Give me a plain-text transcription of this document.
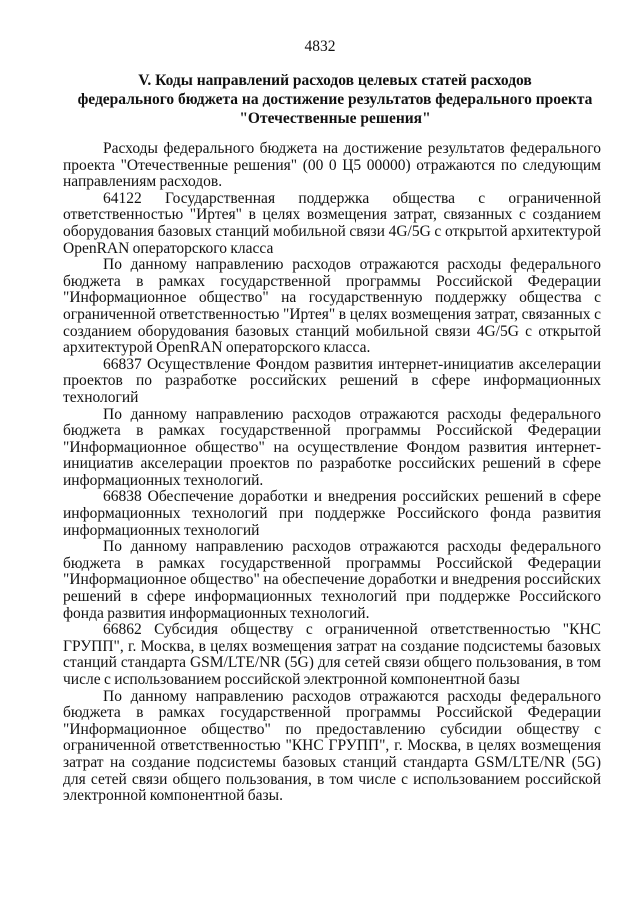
4832
V. Коды направлений расходов целевых статей расходов
федерального бюджета на достижение результатов федерального проекта
"Отечественные решения"

Расходы федерального бюджета на достижение результатов федерального проекта "Отечественные решения" (00 0 Ц5 00000) отражаются по следующим направлениям расходов.

64122 Государственная поддержка общества с ограниченной ответственностью "Иртея" в целях возмещения затрат, связанных с созданием оборудования базовых станций мобильной связи 4G/5G с открытой архитектурой OpenRAN операторского класса

По данному направлению расходов отражаются расходы федерального бюджета в рамках государственной программы Российской Федерации "Информационное общество" на государственную поддержку общества с ограниченной ответственностью "Иртея" в целях возмещения затрат, связанных с созданием оборудования базовых станций мобильной связи 4G/5G с открытой архитектурой OpenRAN операторского класса.

66837 Осуществление Фондом развития интернет-инициатив акселерации проектов по разработке российских решений в сфере информационных технологий

По данному направлению расходов отражаются расходы федерального бюджета в рамках государственной программы Российской Федерации "Информационное общество" на осуществление Фондом развития интернет-инициатив акселерации проектов по разработке российских решений в сфере информационных технологий.

66838 Обеспечение доработки и внедрения российских решений в сфере информационных технологий при поддержке Российского фонда развития информационных технологий

По данному направлению расходов отражаются расходы федерального бюджета в рамках государственной программы Российской Федерации "Информационное общество" на обеспечение доработки и внедрения российских решений в сфере информационных технологий при поддержке Российского фонда развития информационных технологий.

66862 Субсидия обществу с ограниченной ответственностью "КНС ГРУПП", г. Москва, в целях возмещения затрат на создание подсистемы базовых станций стандарта GSM/LTE/NR (5G) для сетей связи общего пользования, в том числе с использованием российской электронной компонентной базы

По данному направлению расходов отражаются расходы федерального бюджета в рамках государственной программы Российской Федерации "Информационное общество" по предоставлению субсидии обществу с ограниченной ответственностью "КНС ГРУПП", г. Москва, в целях возмещения затрат на создание подсистемы базовых станций стандарта GSM/LTE/NR (5G) для сетей связи общего пользования, в том числе с использованием российской электронной компонентной базы.
